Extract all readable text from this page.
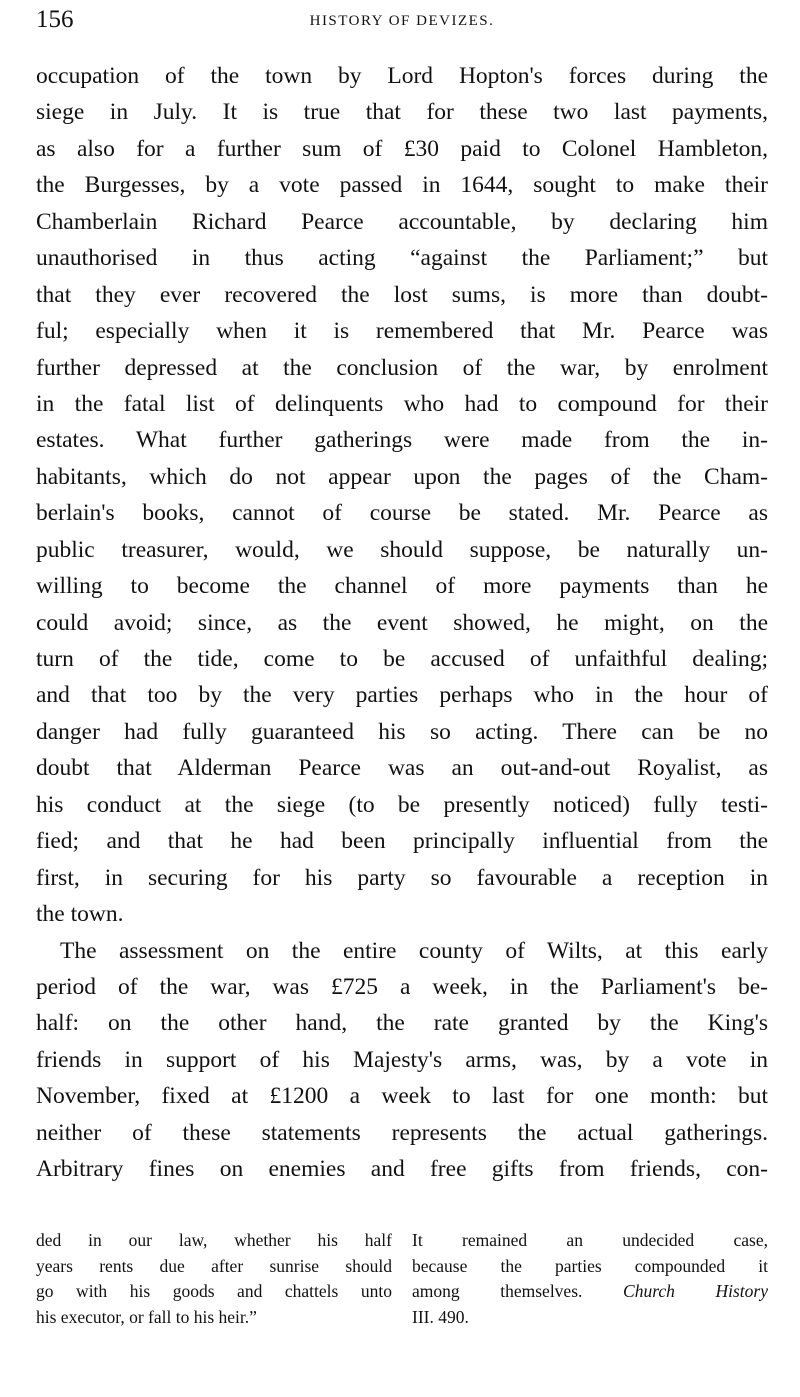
156	HISTORY OF DEVIZES.
occupation of the town by Lord Hopton's forces during the
siege in July. It is true that for these two last payments,
as also for a further sum of £30 paid to Colonel Hambleton,
the Burgesses, by a vote passed in 1644, sought to make their
Chamberlain Richard Pearce accountable, by declaring him
unauthorised in thus acting “against the Parliament;” but
that they ever recovered the lost sums, is more than doubt-
ful; especially when it is remembered that Mr. Pearce was
further depressed at the conclusion of the war, by enrolment
in the fatal list of delinquents who had to compound for their
estates. What further gatherings were made from the in-
habitants, which do not appear upon the pages of the Cham-
berlain's books, cannot of course be stated. Mr. Pearce as
public treasurer, would, we should suppose, be naturally un-
willing to become the channel of more payments than he
could avoid; since, as the event showed, he might, on the
turn of the tide, come to be accused of unfaithful dealing;
and that too by the very parties perhaps who in the hour of
danger had fully guaranteed his so acting. There can be no
doubt that Alderman Pearce was an out-and-out Royalist, as
his conduct at the siege (to be presently noticed) fully testi-
fied; and that he had been principally influential from the
first, in securing for his party so favourable a reception in
the town.
The assessment on the entire county of Wilts, at this early
period of the war, was £725 a week, in the Parliament's be-
half: on the other hand, the rate granted by the King's
friends in support of his Majesty's arms, was, by a vote in
November, fixed at £1200 a week to last for one month: but
neither of these statements represents the actual gatherings.
Arbitrary fines on enemies and free gifts from friends, con-
ded in our law, whether his half
years rents due after sunrise should
go with his goods and chattels unto
his executor, or fall to his heir.”
It remained an undecided case,
because the parties compounded it
among themselves. Church History
III. 490.
